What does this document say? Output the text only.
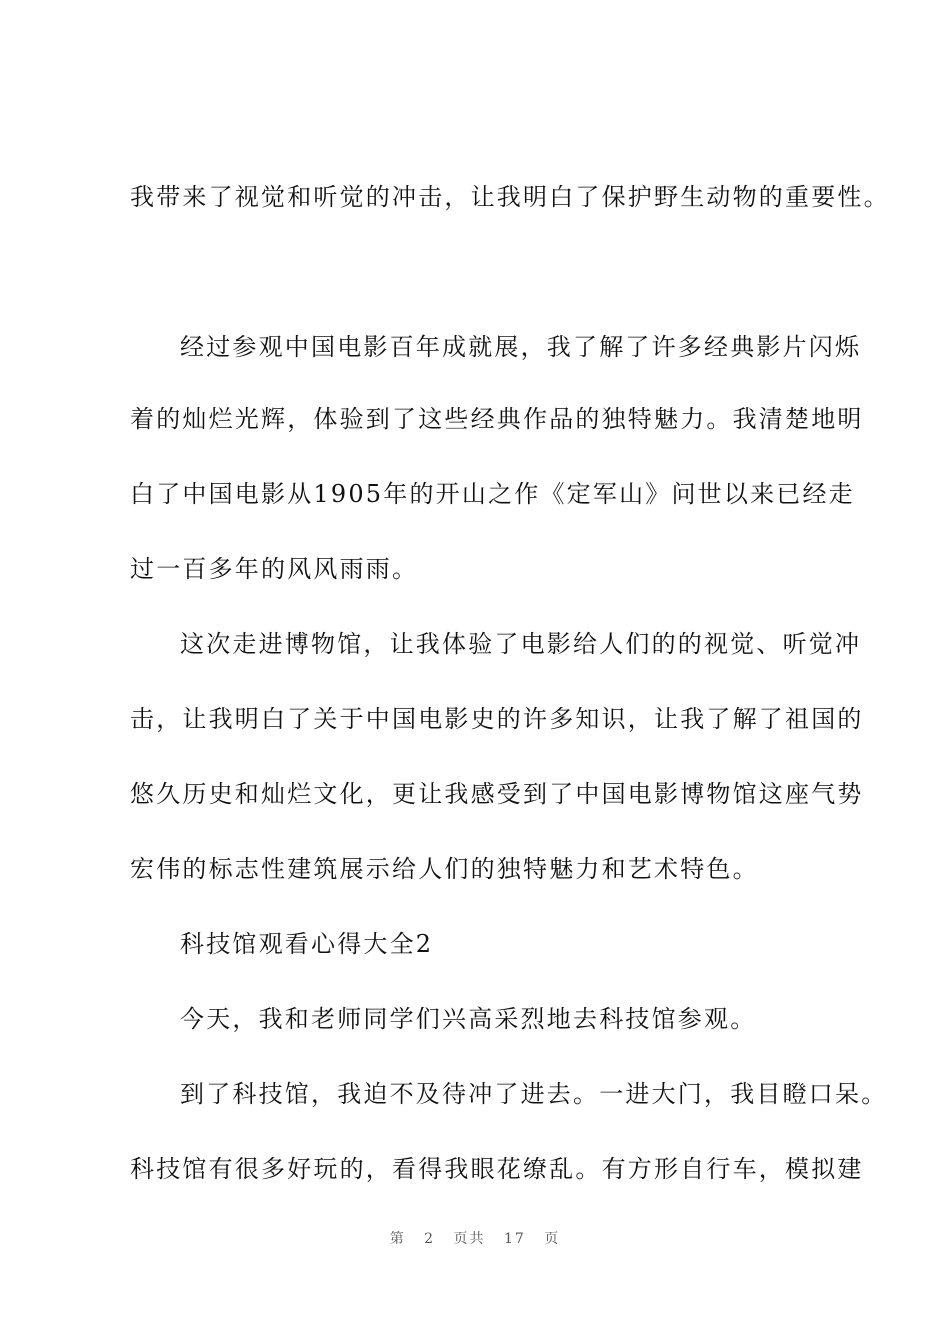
我带来了视觉和听觉的冲击，让我明白了保护野生动物的重要性。
经过参观中国电影百年成就展，我了解了许多经典影片闪烁
着的灿烂光辉，体验到了这些经典作品的独特魅力。我清楚地明
白了中国电影从1905年的开山之作《定军山》问世以来已经走
过一百多年的风风雨雨。
这次走进博物馆，让我体验了电影给人们的的视觉、听觉冲
击，让我明白了关于中国电影史的许多知识，让我了解了祖国的
悠久历史和灿烂文化，更让我感受到了中国电影博物馆这座气势
宏伟的标志性建筑展示给人们的独特魅力和艺术特色。
科技馆观看心得大全2
今天，我和老师同学们兴高采烈地去科技馆参观。
到了科技馆，我迫不及待冲了进去。一进大门，我目瞪口呆。
科技馆有很多好玩的，看得我眼花缭乱。有方形自行车，模拟建
第 2 页共 17 页
